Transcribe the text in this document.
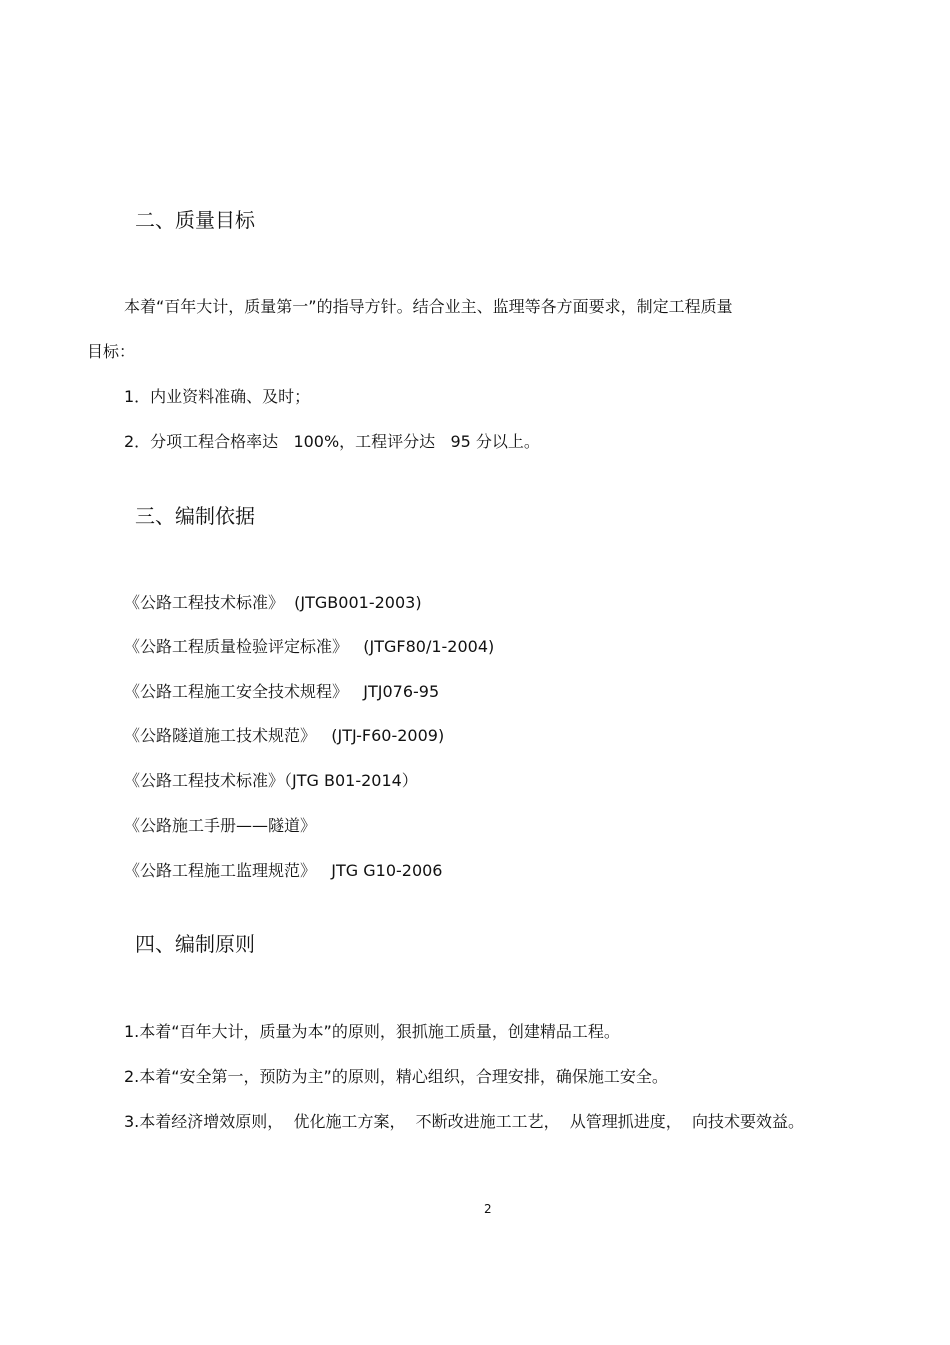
二、质量目标
本着“百年大计，质量第一”的指导方针。结合业主、监理等各方面要求，制定工程质量
目标：
1．内业资料准确、及时；
2．分项工程合格率达   100%，工程评分达   95 分以上。
三、编制依据
《公路工程技术标准》  (JTGB001-2003)
《公路工程质量检验评定标准》   (JTGF80/1-2004)
《公路工程施工安全技术规程》   JTJ076-95
《公路隧道施工技术规范》   (JTJ-F60-2009)
《公路工程技术标准》（JTG B01-2014）
《公路施工手册——隧道》
《公路工程施工监理规范》   JTG G10-2006
四、编制原则
1.本着“百年大计，质量为本”的原则，狠抓施工质量，创建精品工程。
2.本着“安全第一，预防为主”的原则，精心组织，合理安排，确保施工安全。
3.本着经济增效原则，  优化施工方案，  不断改进施工工艺，  从管理抓进度，  向技术要效益。
2
